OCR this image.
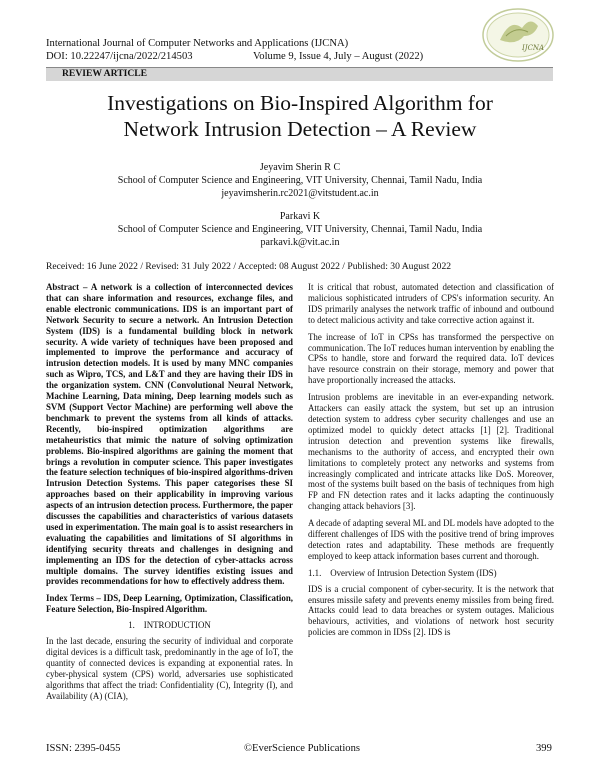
International Journal of Computer Networks and Applications (IJCNA)
DOI: 10.22247/ijcna/2022/214503	Volume 9, Issue 4, July – August (2022)
IJCNA
REVIEW ARTICLE
Investigations on Bio-Inspired Algorithm for
Network Intrusion Detection – A Review
Jeyavim Sherin R C
School of Computer Science and Engineering, VIT University, Chennai, Tamil Nadu, India
jeyavimsherin.rc2021@vitstudent.ac.in
Parkavi K
School of Computer Science and Engineering, VIT University, Chennai, Tamil Nadu, India
parkavi.k@vit.ac.in
Received: 16 June 2022 / Revised: 31 July 2022 / Accepted: 08 August 2022 / Published: 30 August 2022

Abstract – A network is a collection of interconnected devices that can share information and resources, exchange files, and enable electronic communications. IDS is an important part of Network Security to secure a network. An Intrusion Detection System (IDS) is a fundamental building block in network security. A wide variety of techniques have been proposed and implemented to improve the performance and accuracy of intrusion detection models. It is used by many MNC companies such as Wipro, TCS, and L&T and they are having their IDS in the organization system. CNN (Convolutional Neural Network, Machine Learning, Data mining, Deep learning models such as SVM (Support Vector Machine) are performing well above the benchmark to prevent the systems from all kinds of attacks. Recently, bio-inspired optimization algorithms are metaheuristics that mimic the nature of solving optimization problems. Bio-inspired algorithms are gaining the moment that brings a revolution in computer science. This paper investigates the feature selection techniques of bio-inspired algorithms-driven Intrusion Detection Systems. This paper categorises these SI approaches based on their applicability in improving various aspects of an intrusion detection process. Furthermore, the paper discusses the capabilities and characteristics of various datasets used in experimentation. The main goal is to assist researchers in evaluating the capabilities and limitations of SI algorithms in identifying security threats and challenges in designing and implementing an IDS for the detection of cyber-attacks across multiple domains. The survey identifies existing issues and provides recommendations for how to effectively address them.

Index Terms – IDS, Deep Learning, Optimization, Classification, Feature Selection, Bio-Inspired Algorithm.

1. INTRODUCTION

In the last decade, ensuring the security of individual and corporate digital devices is a difficult task, predominantly in the age of IoT, the quantity of connected devices is expanding at exponential rates. In cyber-physical system (CPS) world, adversaries use sophisticated algorithms that affect the triad: Confidentiality (C), Integrity (I), and Availability (A) (CIA),

It is critical that robust, automated detection and classification of malicious sophisticated intruders of CPS's information security. An IDS primarily analyses the network traffic of inbound and outbound to detect malicious activity and take corrective action against it.

The increase of IoT in CPSs has transformed the perspective on communication. The IoT reduces human intervention by enabling the CPSs to handle, store and forward the required data. IoT devices have resource constrain on their storage, memory and power that have proportionally increased the attacks.

Intrusion problems are inevitable in an ever-expanding network. Attackers can easily attack the system, but set up an intrusion detection system to address cyber security challenges and use an optimized model to quickly detect attacks [1] [2]. Traditional intrusion detection and prevention systems like firewalls, mechanisms to the authority of access, and encrypted their own limitations to completely protect any networks and systems from increasingly complicated and intricate attacks like DoS. Moreover, most of the systems built based on the basis of techniques from high FP and FN detection rates and it lacks adapting the continuously changing attack behaviors [3].

A decade of adapting several ML and DL models have adopted to the different challenges of IDS with the positive trend of bring improves detection rates and adaptability. These methods are frequently employed to keep attack information bases current and thorough.

1.1. Overview of Intrusion Detection System (IDS)

IDS is a crucial component of cyber-security. It is the network that ensures missile safety and prevents enemy missiles from being fired. Attacks could lead to data breaches or system outages. Malicious behaviours, activities, and violations of network host security policies are common in IDSs [2]. IDS is

ISSN: 2395-0455	©EverScience Publications	399
